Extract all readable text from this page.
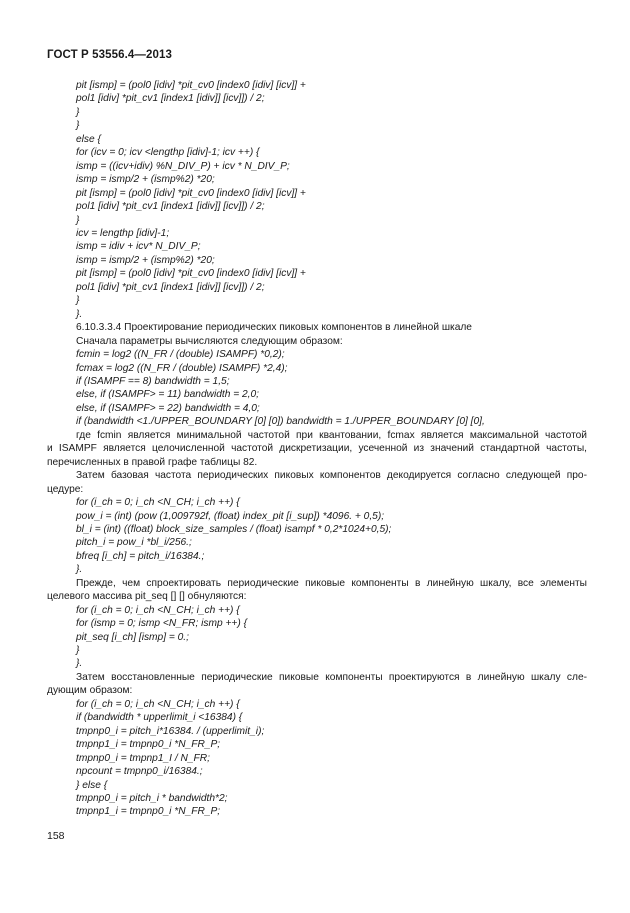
ГОСТ Р 53556.4—2013
pit [ismp] = (pol0 [idiv] *pit_cv0 [index0 [idiv] [icv]] +
pol1 [idiv] *pit_cv1 [index1 [idiv]] [icv]]) / 2;
}
}
else {
for (icv = 0; icv <lengthp [idiv]-1; icv ++) {
ismp = ((icv+idiv) %N_DIV_P) + icv * N_DIV_P;
ismp = ismp/2 + (ismp%2) *20;
pit [ismp] = (pol0 [idiv] *pit_cv0 [index0 [idiv] [icv]] +
pol1 [idiv] *pit_cv1 [index1 [idiv]] [icv]]) / 2;
}
icv = lengthp [idiv]-1;
ismp = idiv + icv* N_DIV_P;
ismp = ismp/2 + (ismp%2) *20;
pit [ismp] = (pol0 [idiv] *pit_cv0 [index0 [idiv] [icv]] +
pol1 [idiv] *pit_cv1 [index1 [idiv]] [icv]]) / 2;
}
}.
6.10.3.3.4 Проектирование периодических пиковых компонентов в линейной шкале
Сначала параметры вычисляются следующим образом:
fcmin = log2 ((N_FR / (double) ISAMPF) *0,2);
fcmax = log2 ((N_FR / (double) ISAMPF) *2,4);
if (ISAMPF == 8) bandwidth = 1,5;
else, if (ISAMPF> = 11) bandwidth = 2,0;
else, if (ISAMPF> = 22) bandwidth = 4,0;
if (bandwidth <1./UPPER_BOUNDARY [0] [0]) bandwidth = 1./UPPER_BOUNDARY [0] [0],
где fcmin является минимальной частотой при квантовании, fcmax является максимальной частотой
и ISAMPF является целочисленной частотой дискретизации, усеченной из значений стандартной частоты,
перечисленных в правой графе таблицы 82.
Затем базовая частота периодических пиковых компонентов декодируется согласно следующей про-
цедуре:
for (i_ch = 0; i_ch <N_CH; i_ch ++) {
pow_i = (int) (pow (1,009792f, (float) index_pit [i_sup]) *4096. + 0,5);
bl_i = (int) ((float) block_size_samples / (float) isampf * 0,2*1024+0,5);
pitch_i = pow_i *bl_i/256.;
bfreq [i_ch] = pitch_i/16384.;
}.
Прежде, чем спроектировать периодические пиковые компоненты в линейную шкалу, все элементы
целевого массива pit_seq [] [] обнуляются:
for (i_ch = 0; i_ch <N_CH; i_ch ++) {
for (ismp = 0; ismp <N_FR; ismp ++) {
pit_seq [i_ch] [ismp] = 0.;
}
}.
Затем восстановленные периодические пиковые компоненты проектируются в линейную шкалу сле-
дующим образом:
for (i_ch = 0; i_ch <N_CH; i_ch ++) {
if (bandwidth * upperlimit_i <16384) {
tmpnp0_i = pitch_i*16384. / (upperlimit_i);
tmpnp1_i = tmpnp0_i *N_FR_P;
tmpnp0_i = tmpnp1_I / N_FR;
npcount = tmpnp0_i/16384.;
} else {
tmpnp0_i = pitch_i * bandwidth*2;
tmpnp1_i = tmpnp0_i *N_FR_P;
158
